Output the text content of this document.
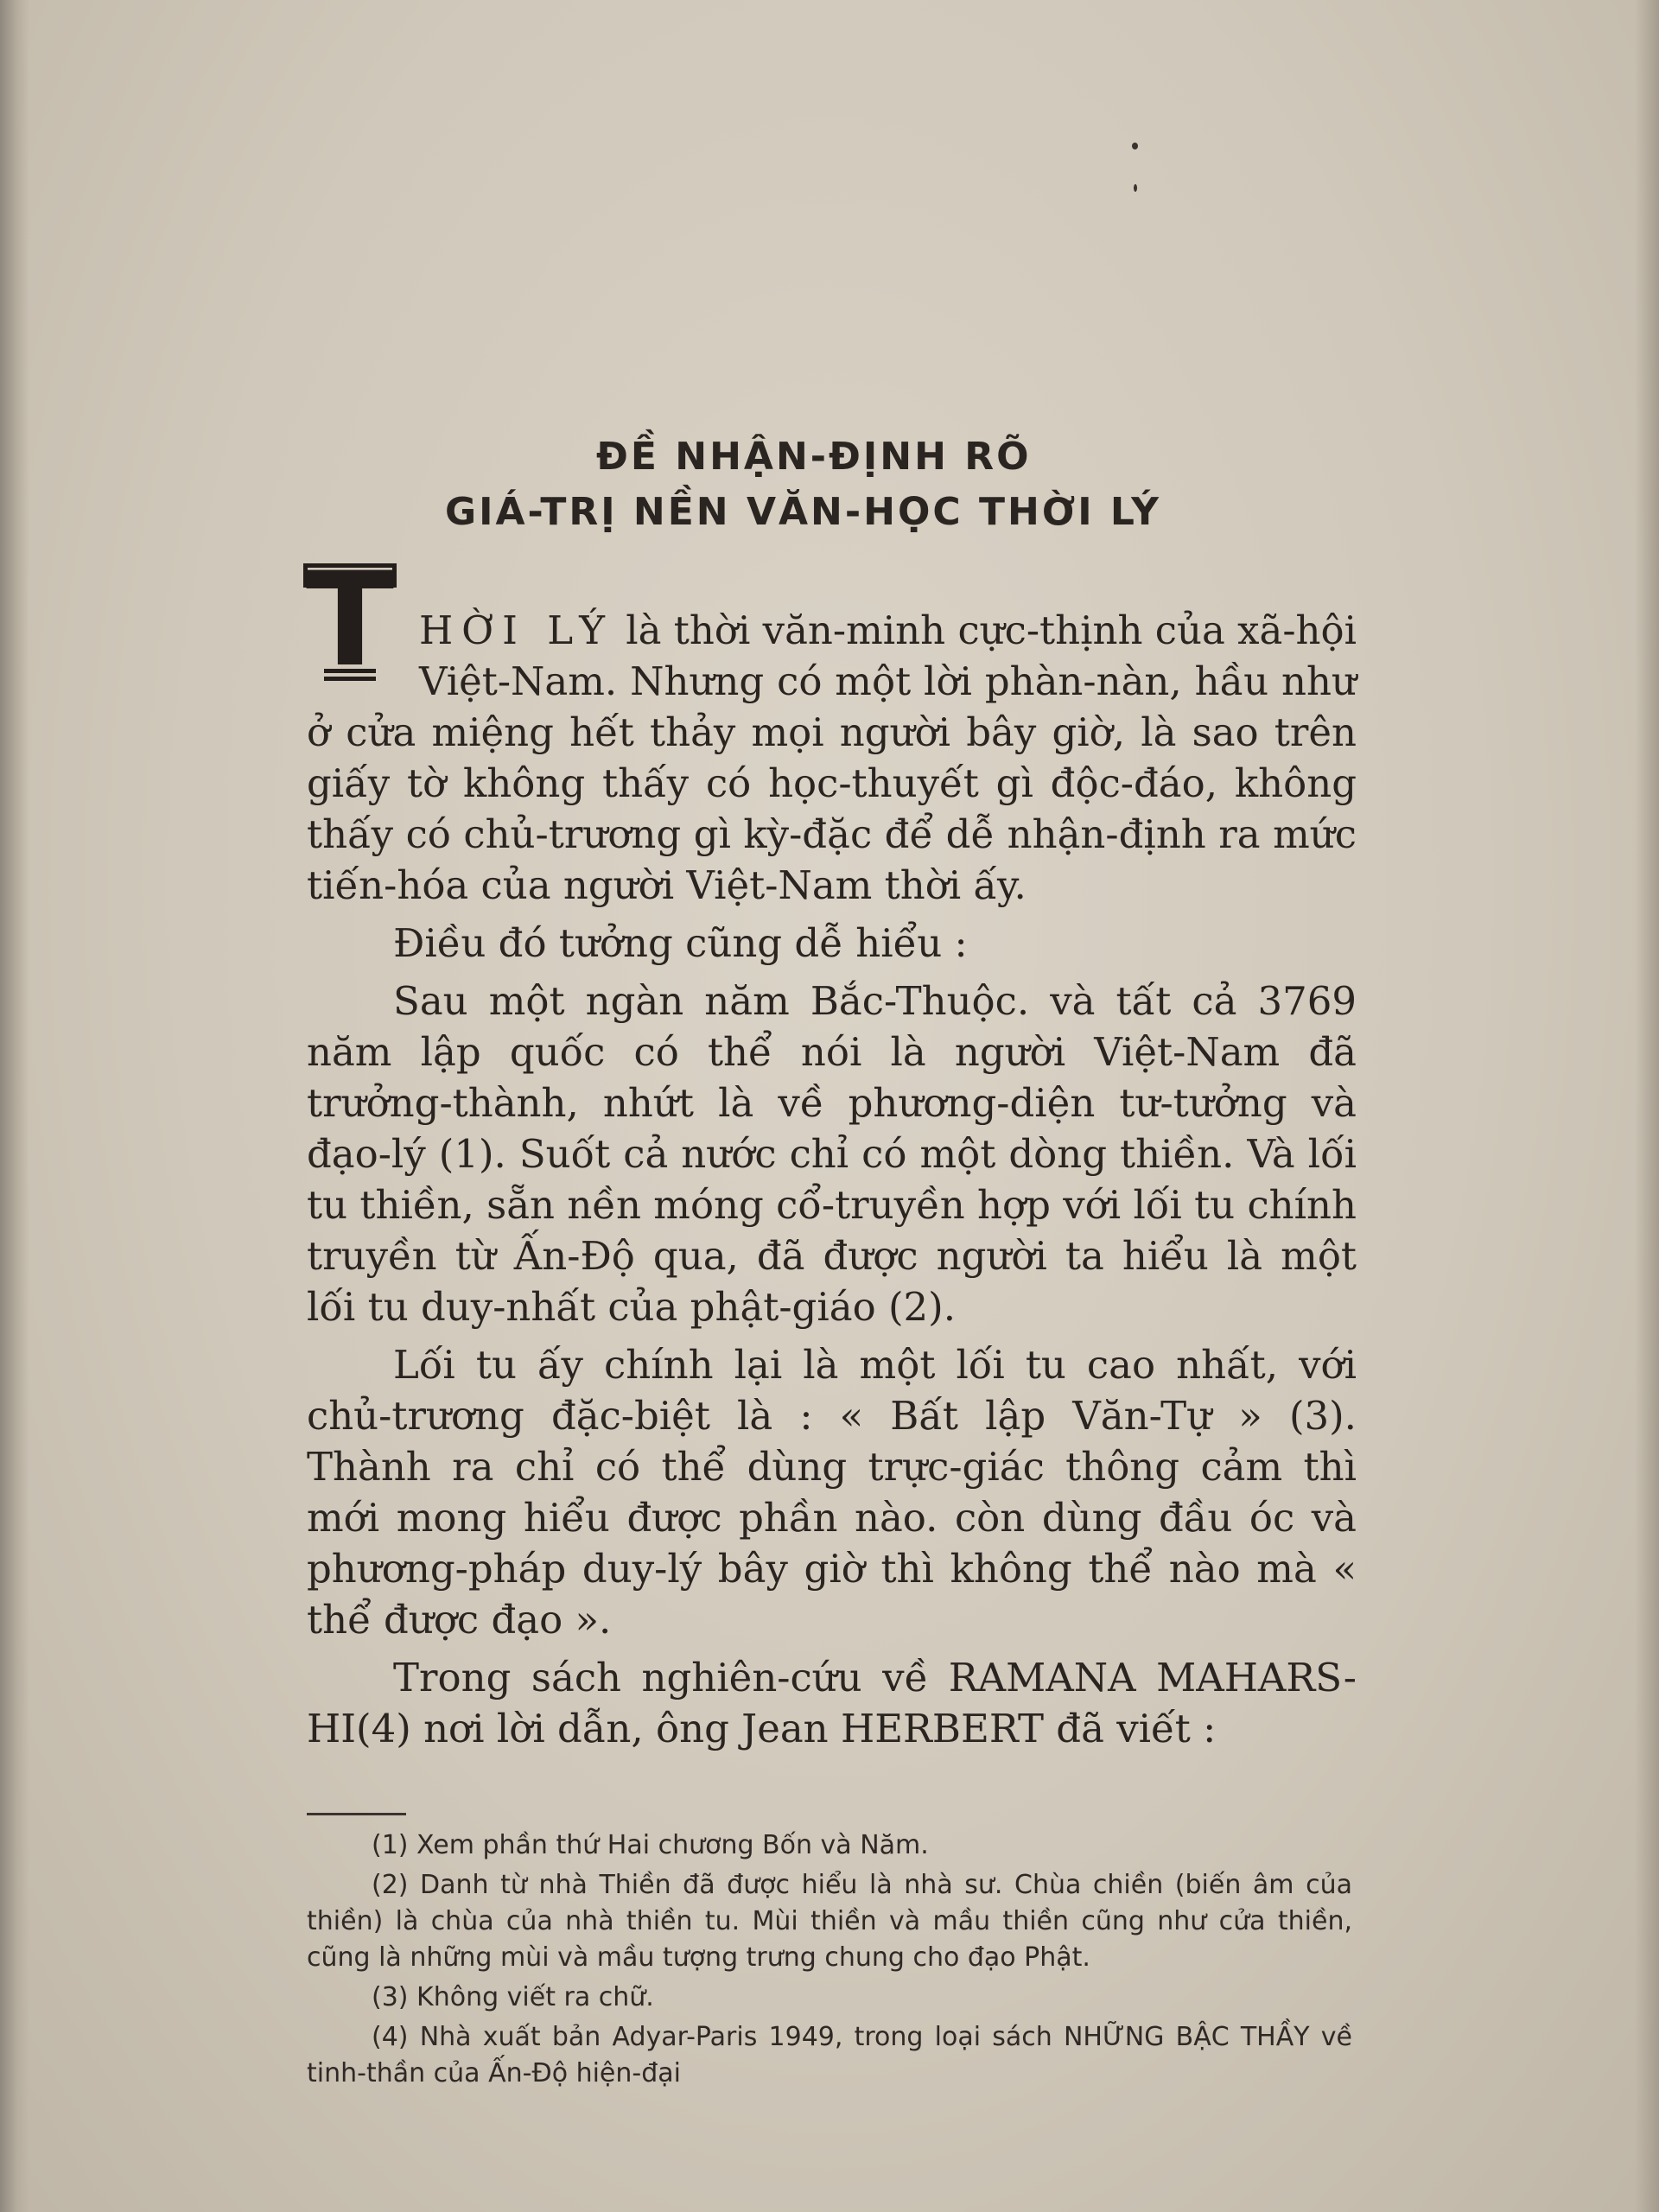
ĐỀ NHẬN-ĐỊNH RÕ
GIÁ-TRỊ NỀN VĂN-HỌC THỜI LÝ

T HỜI LÝ là thời văn-minh cực-thịnh của xã-hội Việt-Nam. Nhưng có một lời phàn-nàn, hầu như ở cửa miệng hết thảy mọi người bây giờ, là sao trên giấy tờ không thấy có học-thuyết gì độc-đáo, không thấy có chủ-trương gì kỳ-đặc để dễ nhận-định ra mức tiến-hóa của người Việt-Nam thời ấy.

Điều đó tưởng cũng dễ hiểu :

Sau một ngàn năm Bắc-Thuộc. và tất cả 3769 năm lập quốc có thể nói là người Việt-Nam đã trưởng-thành, nhứt là về phương-diện tư-tưởng và đạo-lý (1). Suốt cả nước chỉ có một dòng thiền. Và lối tu thiền, sẵn nền móng cổ-truyền hợp với lối tu chính truyền từ Ấn-Độ qua, đã được người ta hiểu là một lối tu duy-nhất của phật-giáo (2).

Lối tu ấy chính lại là một lối tu cao nhất, với chủ-trương đặc-biệt là : « Bất lập Văn-Tự » (3). Thành ra chỉ có thể dùng trực-giác thông cảm thì mới mong hiểu được phần nào. còn dùng đầu óc và phương-pháp duy-lý bây giờ thì không thể nào mà « thể được đạo ».

Trong sách nghiên-cứu về RAMANA MAHARS-HI(4) nơi lời dẫn, ông Jean HERBERT đã viết :

(1) Xem phần thứ Hai chương Bốn và Năm.

(2) Danh từ nhà Thiền đã được hiểu là nhà sư. Chùa chiền (biến âm của thiền) là chùa của nhà thiền tu. Mùi thiền và mầu thiền cũng như cửa thiền, cũng là những mùi và mầu tượng trưng chung cho đạo Phật.

(3) Không viết ra chữ.

(4) Nhà xuất bản Adyar-Paris 1949, trong loại sách NHỮNG BẬC THẦY về tinh-thần của Ấn-Độ hiện-đại
